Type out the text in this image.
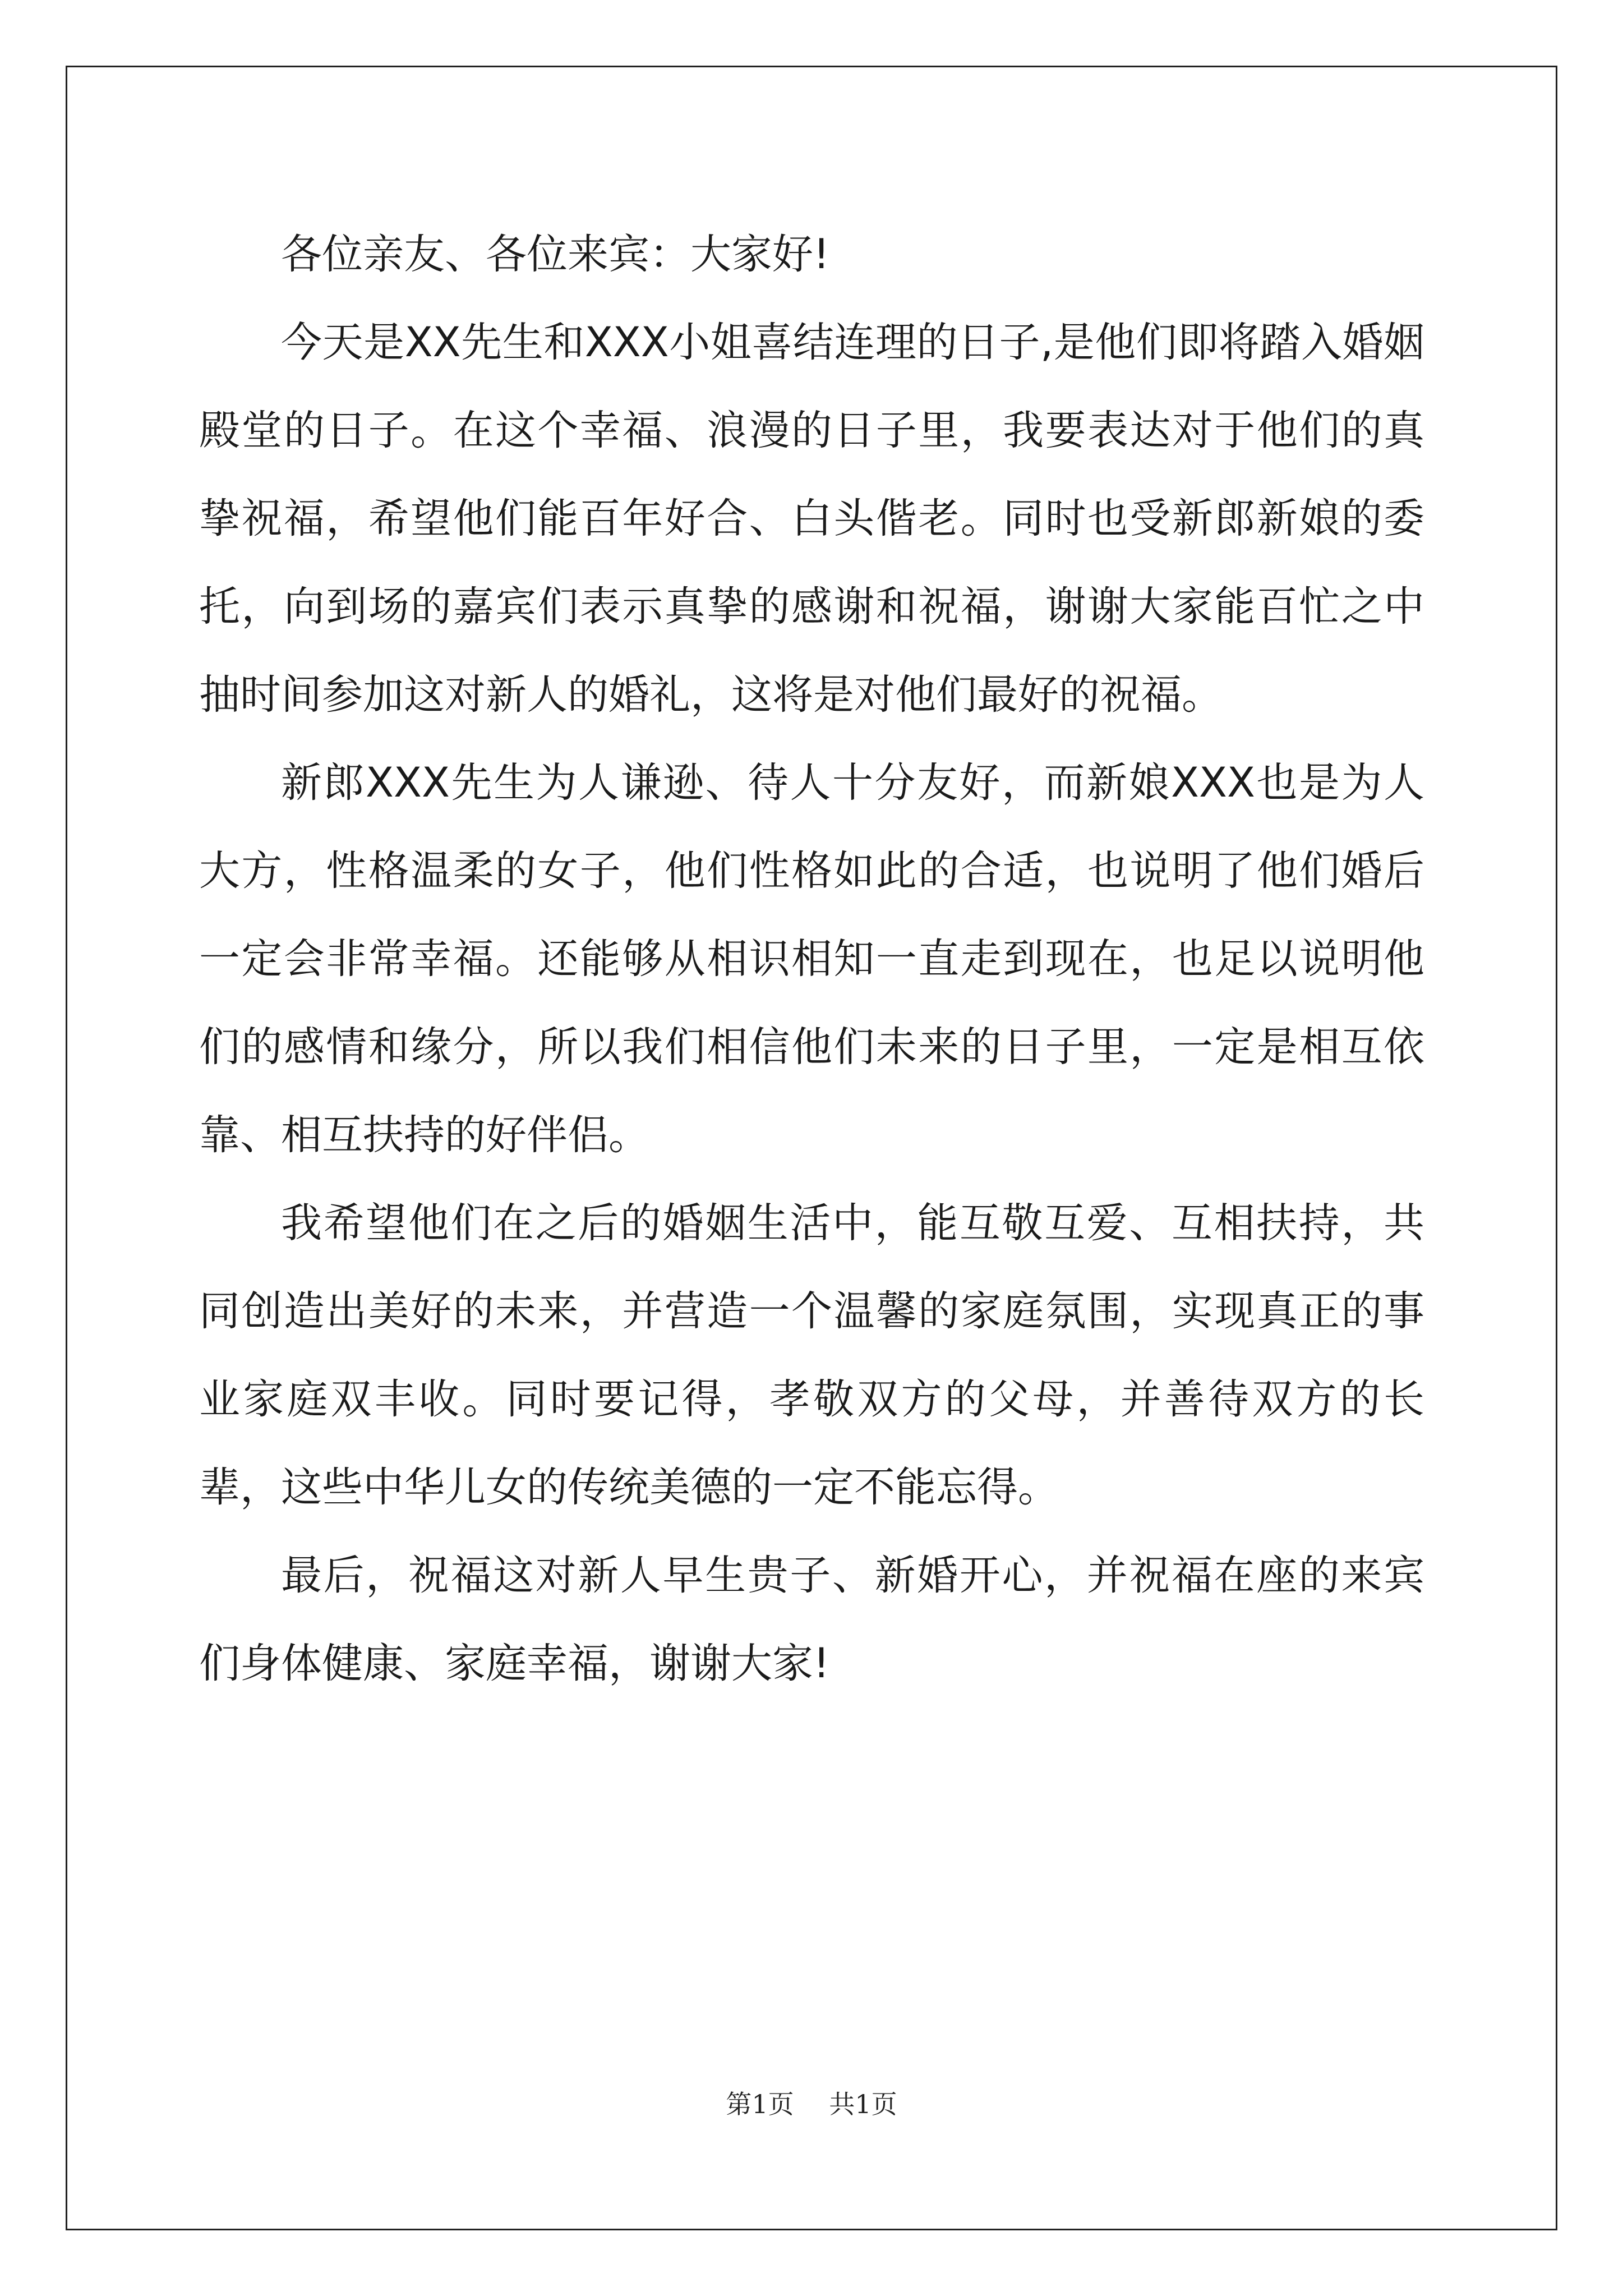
各位亲友、各位来宾：大家好!

今天是XX先生和XXX小姐喜结连理的日子,是他们即将踏入婚姻殿堂的日子。在这个幸福、浪漫的日子里，我要表达对于他们的真挚祝福，希望他们能百年好合、白头偕老。同时也受新郎新娘的委托，向到场的嘉宾们表示真挚的感谢和祝福，谢谢大家能百忙之中抽时间参加这对新人的婚礼，这将是对他们最好的祝福。

新郎XXX先生为人谦逊、待人十分友好，而新娘XXX也是为人大方，性格温柔的女子，他们性格如此的合适，也说明了他们婚后一定会非常幸福。还能够从相识相知一直走到现在，也足以说明他们的感情和缘分，所以我们相信他们未来的日子里，一定是相互依靠、相互扶持的好伴侣。

我希望他们在之后的婚姻生活中，能互敬互爱、互相扶持，共同创造出美好的未来，并营造一个温馨的家庭氛围，实现真正的事业家庭双丰收。同时要记得，孝敬双方的父母，并善待双方的长辈，这些中华儿女的传统美德的一定不能忘得。

最后，祝福这对新人早生贵子、新婚开心，并祝福在座的来宾们身体健康、家庭幸福，谢谢大家!

第1页 共1页
